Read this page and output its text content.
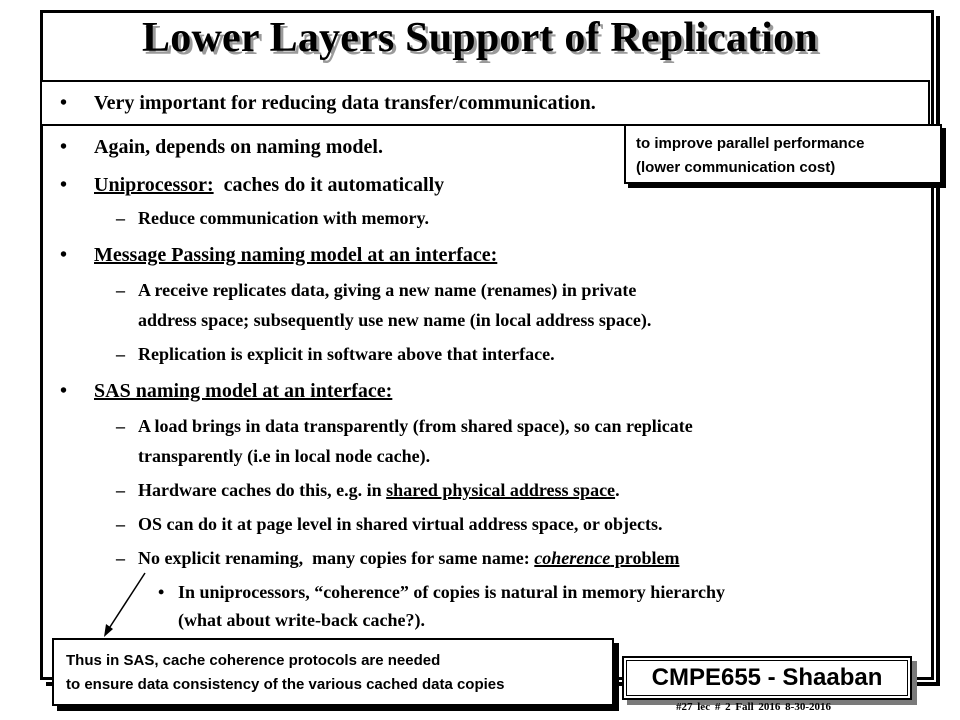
Lower Layers Support of Replication
• Very important for reducing data transfer/communication.
• Again, depends on naming model.
• Uniprocessor:  caches do it automatically
– Reduce communication with memory.
• Message Passing naming model at an interface:
– A receive replicates data, giving a new name (renames) in private
address space; subsequently use new name (in local address space).
– Replication is explicit in software above that interface.
• SAS naming model at an interface:
– A load brings in data transparently (from shared space), so can replicate
transparently (i.e in local node cache).
– Hardware caches do this, e.g. in shared physical address space.
– OS can do it at page level in shared virtual address space, or objects.
– No explicit renaming,  many copies for same name: coherence problem
• In uniprocessors, “coherence” of copies is natural in memory hierarchy
(what about write-back cache?).
to improve parallel performance
(lower communication cost)
Thus in SAS, cache coherence protocols are needed
to ensure data consistency of the various cached data copies	CMPE655 - Shaaban
#27 lec # 2 Fall 2016 8-30-2016
